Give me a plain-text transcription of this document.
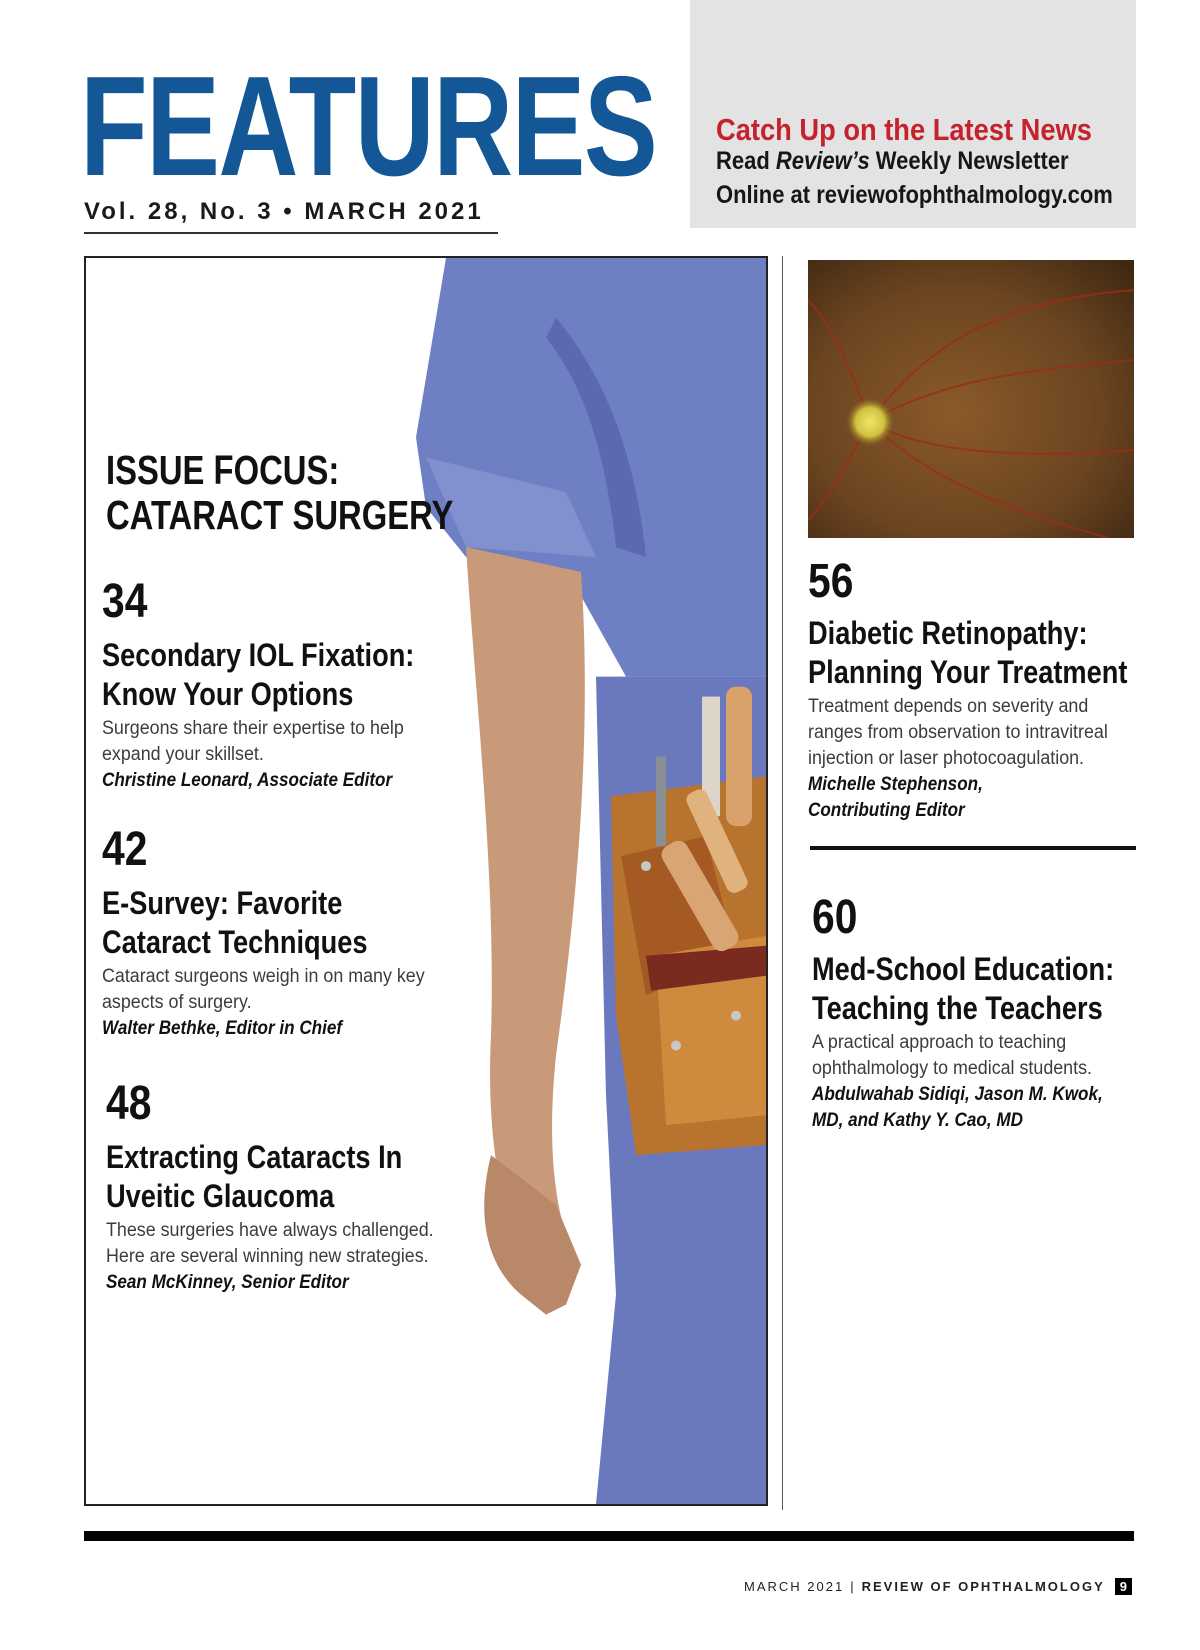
FEATURES
Vol. 28, No. 3 • MARCH 2021
Catch Up on the Latest News
Read Review’s Weekly Newsletter
Online at reviewofophthalmology.com
ISSUE FOCUS:
CATARACT SURGERY
34
Secondary IOL Fixation:
Know Your Options
Surgeons share their expertise to help
expand your skillset.
Christine Leonard, Associate Editor
42
E-Survey: Favorite
Cataract Techniques
Cataract surgeons weigh in on many key
aspects of surgery.
Walter Bethke, Editor in Chief
48
Extracting Cataracts In
Uveitic Glaucoma
These surgeries have always challenged.
Here are several winning new strategies.
Sean McKinney, Senior Editor
56
Diabetic Retinopathy:
Planning Your Treatment
Treatment depends on severity and
ranges from observation to intravitreal
injection or laser photocoagulation.
Michelle Stephenson,
Contributing Editor
60
Med-School Education:
Teaching the Teachers
A practical approach to teaching
ophthalmology to medical students.
Abdulwahab Sidiqi, Jason M. Kwok,
MD, and Kathy Y. Cao, MD
MARCH 2021 | REVIEW OF OPHTHALMOLOGY	9
